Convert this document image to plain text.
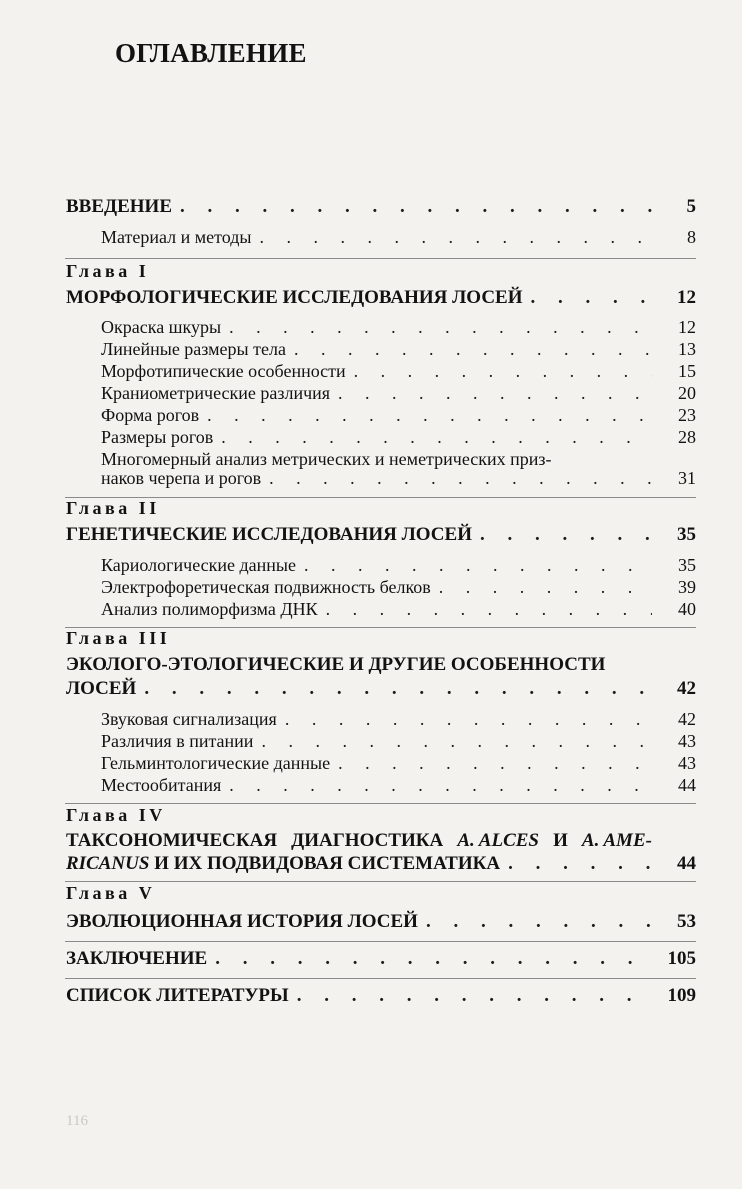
ОГЛАВЛЕНИЕ
ВВЕДЕНИЕ . . .	5
Материал и методы . . .	8
Глава I
МОРФОЛОГИЧЕСКИЕ ИССЛЕДОВАНИЯ ЛОСЕЙ . . .	12
Окраска шкуры . . .	12
Линейные размеры тела . . .	13
Морфотипические особенности . . .	15
Краниометрические различия . . .	20
Форма рогов . . .	23
Размеры рогов . . .	28
Многомерный анализ метрических и неметрических приз-
наков черепа и рогов . . .	31
Глава II
ГЕНЕТИЧЕСКИЕ ИССЛЕДОВАНИЯ ЛОСЕЙ . . .	35
Кариологические данные . . .	35
Электрофоретическая подвижность белков . . .	39
Анализ полиморфизма ДНК . . .	40
Глава III
ЭКОЛОГО-ЭТОЛОГИЧЕСКИЕ И ДРУГИЕ ОСОБЕННОСТИ
ЛОСЕЙ . . .	42
Звуковая сигнализация . . .	42
Различия в питании . . .	43
Гельминтологические данные . . .	43
Местообитания . . .	44
Глава IV
ТАКСОНОМИЧЕСКАЯ ДИАГНОСТИКА A. ALCES И A. AME-
RICANUS И ИХ ПОДВИДОВАЯ СИСТЕМАТИКА . . .	44
Глава V
ЭВОЛЮЦИОННАЯ ИСТОРИЯ ЛОСЕЙ . . .	53
ЗАКЛЮЧЕНИЕ . . .	105
СПИСОК ЛИТЕРАТУРЫ . . .	109
116
